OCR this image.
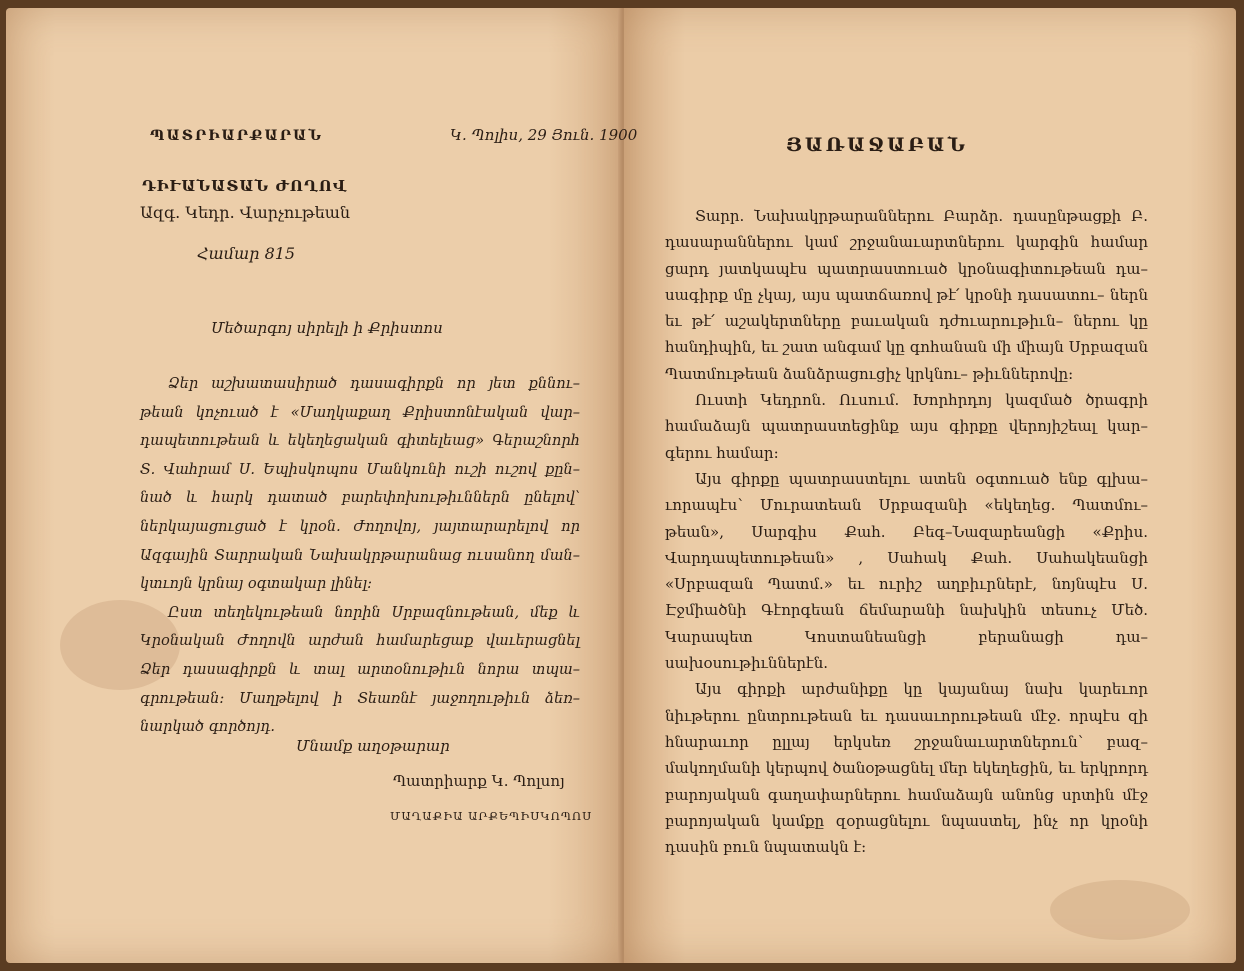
ՊԱՏՐԻԱՐՔԱՐԱՆ	Կ. Պոլիս, 29 Յուն. 1900
ԴԻՒԱՆԱՏԱՆ ԺՈՂՈՎ
Ազգ. Կեդր. Վարչութեան
Համար 815
Մեծարգոյ սիրելի ի Քրիստոս

Ձեր աշխատասիրած դասագիրքն որ յետ քննու– թեան կոչուած է «Մաղկաքաղ Քրիստոնէական վար– դապետութեան և եկեղեցական գիտելեաց» Գերաշնորհ Տ. Վահրամ Ս. Եպիսկոպոս Մանկունի ուշի ուշով քըն– նած և հարկ դատած բարեփոխութիւններն ընելով՝ ներկայացուցած է կրօն. Ժողովոյ, յայտարարելով որ Ազգային Տարրական Նախակրթարանաց ուսանող ման– կտւոյն կրնայ օգտակար լինել։

Ըստ տեղեկութեան նորին Սրբազնութեան, մեք և Կրօնական Ժողովն արժան համարեցաք վաւերացնել Ձեր դասագիրքն և տալ արտօնութիւն նորա տպա– գրութեան։ Մաղթելով ի Տեառնէ յաջողութիւն ձեռ– նարկած գործոյդ.

Մնամք աղօթարար
Պատրիարք Կ. Պոլսոյ
ՄԱՂԱՔԻԱ ԱՐՔԵՊԻՍԿՈՊՈՍ
ՅԱՌԱՋԱԲԱՆ

Տարր. Նախակրթարաններու Բարձր. դասընթացքի Բ. դասարաններու կամ շրջանաւարտներու կարգին համար ցարդ յատկապէս պատրաստուած կրօնագիտութեան դա– սագիրք մը չկայ, այս պատճառով թէ՛ կրօնի դասատու– ներն եւ թէ՛ աշակերտները բաւական դժուարութիւն– ներու կը հանդիպին, եւ շատ անգամ կը գոհանան մի միայն Սրբազան Պատմութեան ձանձրացուցիչ կրկնու– թիւններովը:

Ուստի Կեդրոն. Ուսում. Խորհրդոյ կազմած ծրագրի համաձայն պատրաստեցինք այս գիրքը վերոյիշեալ կար– գերու համար։

Այս գիրքը պատրաստելու ատեն օգտուած ենք գլխա– ւորապէս՝ Մուրատեան Սրբազանի «եկեղեց. Պատմու– թեան», Սարգիս Քահ. Բեգ–Նազարեանցի «Քրիս. Վարդապետութեան» , Սահակ Քահ. Սահակեանցի «Սրբազան Պատմ.» եւ ուրիշ աղբիւրներէ, նոյնպէս Ս. Էջմիածնի Գէորգեան ճեմարանի նախկին տեսուչ Մեծ. Կարապետ Կոստանեանցի բերանացի դա– սախօսութիւններէն.

Այս գիրքի արժանիքը կը կայանայ նախ կարեւոր նիւթերու ընտրութեան եւ դասաւորութեան մէջ. որպէս զի հնարաւոր ըլլայ երկսեռ շրջանաւարտներուն՝ բազ– մակողմանի կերպով ծանօթացնել մեր եկեղեցին, եւ երկրորդ բարոյական գաղափարներու համաձայն անոնց սրտին մէջ բարոյական կամքը զօրացնելու նպաստել, ինչ որ կրօնի դասին բուն նպատակն է։
